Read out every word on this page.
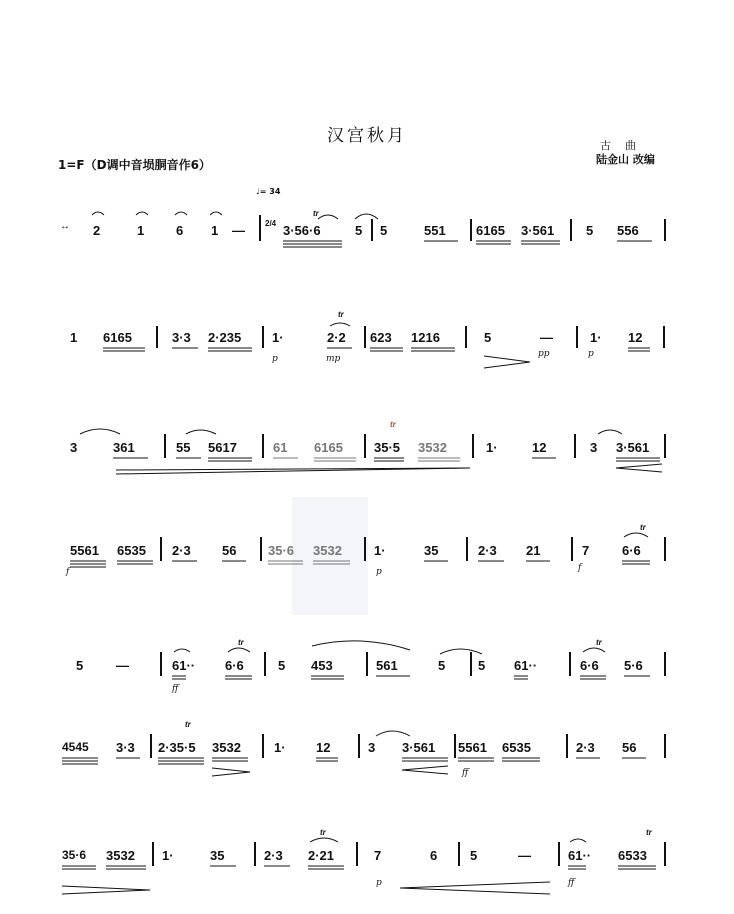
汉宫秋月	古曲
陆金山 改编
1=F（D调中音埙胴音作6）
♩= 34
↔ 2	1 6 1 —	2/4 3·56·6	5 5	551 6165 3·561 5 556
tr
1 6165	3·3 2·235 1·	2·2 623 1216	5	—	1· 12
tr
p	mp	pp	p
3	361	55 5617	61 6165 35·5 3532	1·	12	3 3·561
tr
5561 6535 2·3 56 35·6 3532 1·	35	2·3 21	7	6·6
tr
f	p	f
5	—	61·· 6·6	5 453	561	5	5 61··	6·6 5·6
tr	tr
ff
4545 3·3 2·35·5 3532	1· 12	3 3·561 5561 6535	2·3 56
tr
ff
35·6 3532 1·	35	2·3 2·21	7	6	5	—	61·· 6533
tr	tr
p	ff
